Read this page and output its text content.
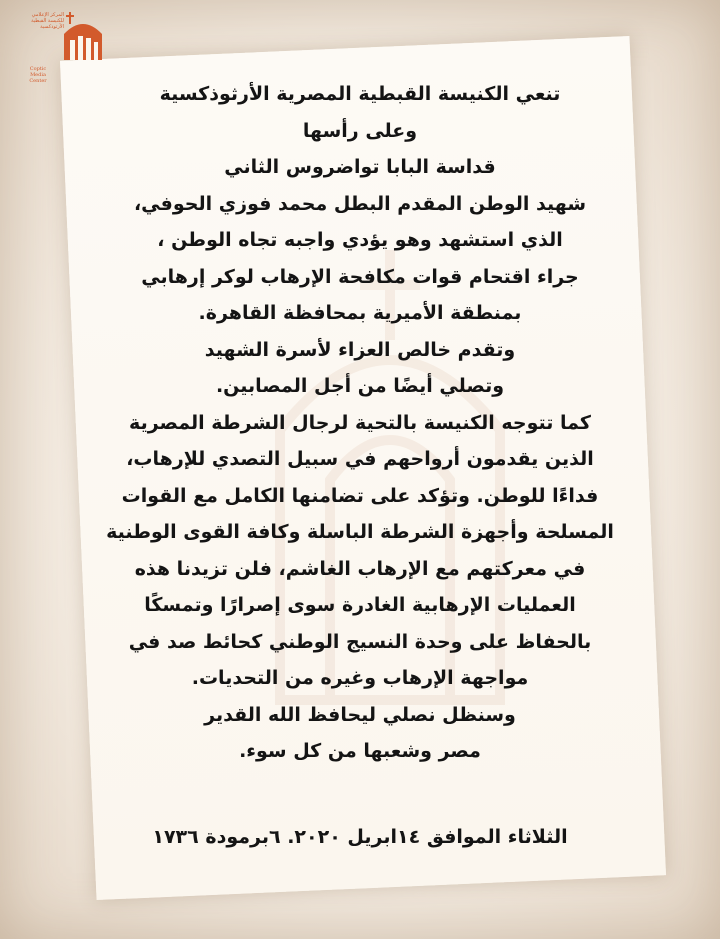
المركز الإعلامي للكنيسة القبطية الأرثوذكسية
Coptic
Media
Center
تنعي الكنيسة القبطية المصرية الأرثوذكسية
وعلى رأسها
قداسة البابا تواضروس الثاني
شهيد الوطن المقدم البطل محمد فوزي الحوفي،
الذي استشهد وهو يؤدي واجبه تجاه الوطن ،
جراء اقتحام قوات مكافحة الإرهاب لوكر إرهابي
بمنطقة الأميرية بمحافظة القاهرة.
وتقدم خالص العزاء لأسرة الشهيد
وتصلي أيضًا من أجل المصابين.
كما تتوجه الكنيسة بالتحية لرجال الشرطة المصرية
الذين يقدمون أرواحهم في سبيل التصدي للإرهاب،
فداءًا للوطن. وتؤكد على تضامنها الكامل مع القوات
المسلحة وأجهزة الشرطة الباسلة وكافة القوى الوطنية
في معركتهم مع الإرهاب الغاشم، فلن تزيدنا هذه
العمليات الإرهابية الغادرة سوى إصرارًا وتمسكًا
بالحفاظ على وحدة النسيج الوطني كحائط صد في
مواجهة الإرهاب وغيره من التحديات.
وسنظل نصلي ليحافظ الله القدير
مصر وشعبها من كل سوء.
الثلاثاء الموافق ١٤ابريل ٢٠٢٠. ٦برمودة ١٧٣٦
